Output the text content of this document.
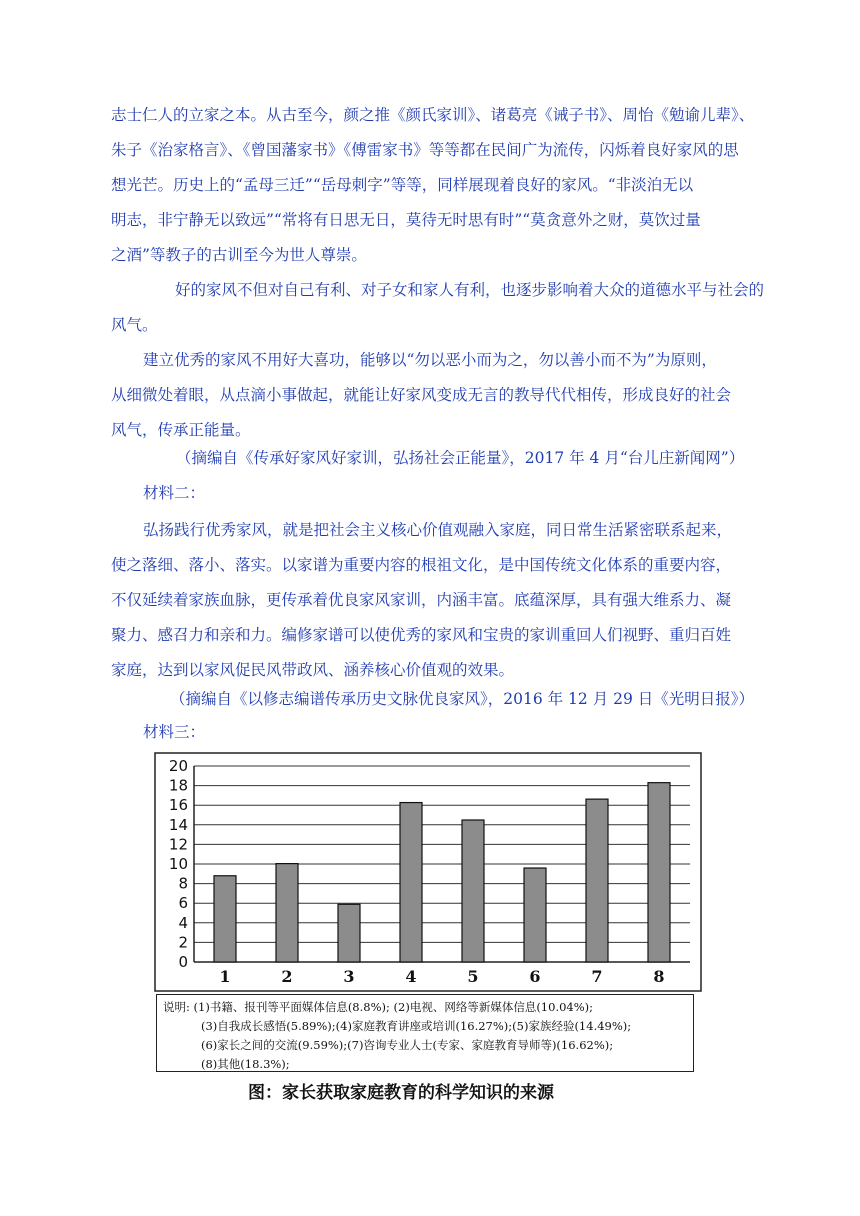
志士仁人的立家之本。从古至今，颜之推《颜氏家训》、诸葛亮《诫子书》、周怡《勉谕儿辈》、
朱子《治家格言》、《曾国藩家书》《傅雷家书》等等都在民间广为流传，闪烁着良好家风的思
想光芒。历史上的“孟母三迁”“岳母刺字”等等，同样展现着良好的家风。“非淡泊无以
明志，非宁静无以致远”“常将有日思无日，莫待无时思有时”“莫贪意外之财，莫饮过量
之酒”等教子的古训至今为世人尊崇。
好的家风不但对自己有利、对子女和家人有利，也逐步影响着大众的道德水平与社会的
风气。
建立优秀的家风不用好大喜功，能够以“勿以恶小而为之，勿以善小而不为”为原则，
从细微处着眼，从点滴小事做起，就能让好家风变成无言的教导代代相传，形成良好的社会
风气，传承正能量。

（摘编自《传承好家风好家训，弘扬社会正能量》，2017 年 4 月“台儿庄新闻网”）

材料二：

弘扬践行优秀家风，就是把社会主义核心价值观融入家庭，同日常生活紧密联系起来，
使之落细、落小、落实。以家谱为重要内容的根祖文化，是中国传统文化体系的重要内容，
不仅延续着家族血脉，更传承着优良家风家训，内涵丰富。底蕴深厚，具有强大维系力、凝
聚力、感召力和亲和力。编修家谱可以使优秀的家风和宝贵的家训重回人们视野、重归百姓
家庭，达到以家风促民风带政风、涵养核心价值观的效果。

（摘编自《以修志编谱传承历史文脉优良家风》，2016 年 12 月 29 日《光明日报》）

材料三：

0
2
4
6
8
10
12
14
16
18
20
1	2	3	4	5	6	7	8
说明: (1)书籍、报刊等平面媒体信息(8.8%); (2)电视、网络等新媒体信息(10.04%);
(3)自我成长感悟(5.89%);(4)家庭教育讲座或培训(16.27%);(5)家族经验(14.49%);
(6)家长之间的交流(9.59%);(7)咨询专业人士(专家、家庭教育导师等)(16.62%);
(8)其他(18.3%);

图：家长获取家庭教育的科学知识的来源
